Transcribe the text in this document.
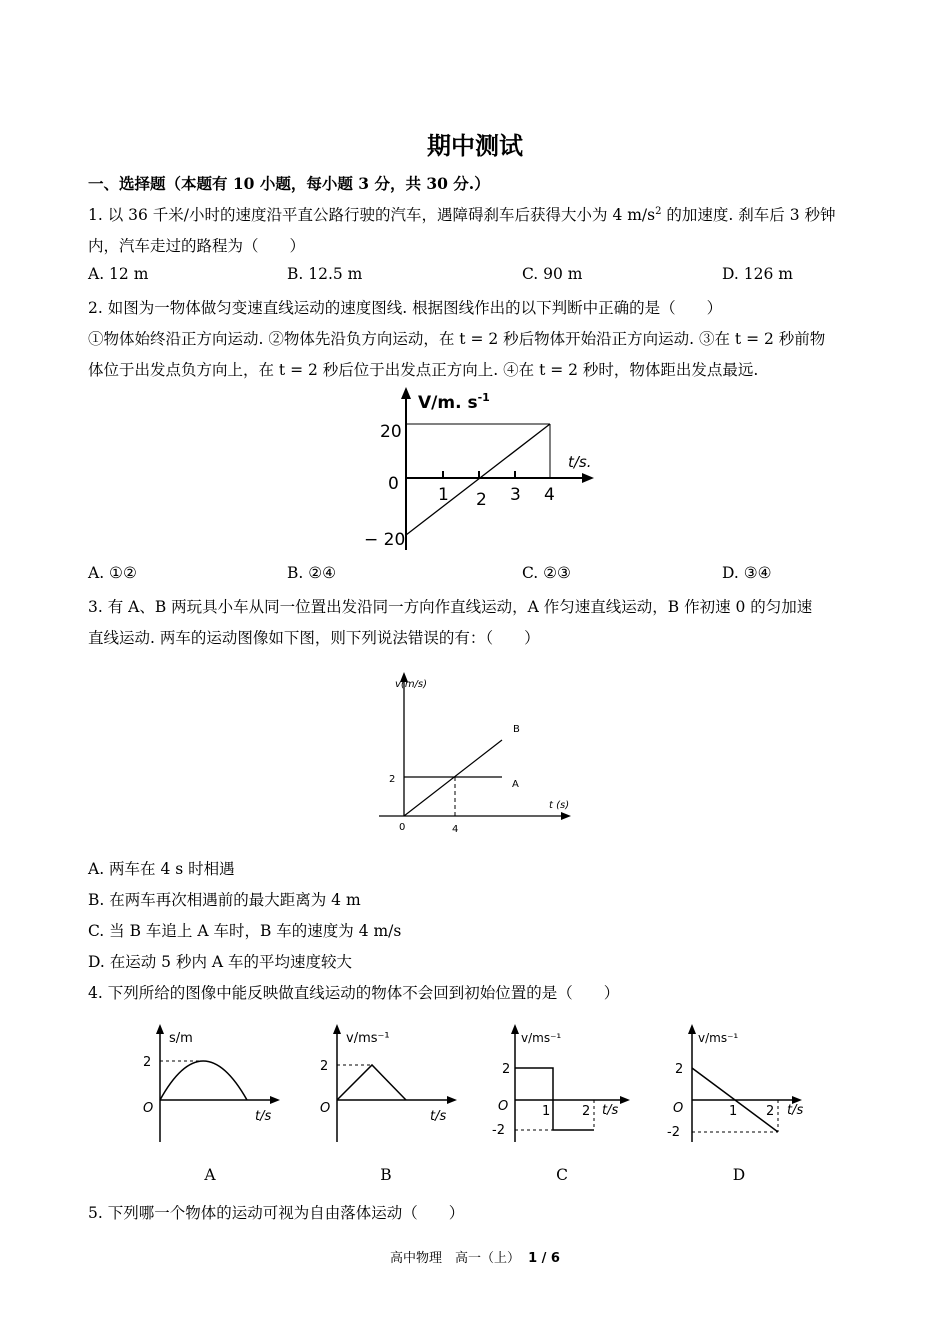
期中测试
一、选择题（本题有 10 小题，每小题 3 分，共 30 分.）
1. 以 36 千米/小时的速度沿平直公路行驶的汽车，遇障碍刹车后获得大小为 4 $m/s^2$ 的加速度. 刹车后 3 秒钟
内，汽车走过的路程为（　　）
A. 12 m	B. 12.5 m	C. 90 m	D. 126 m
2. 如图为一物体做匀变速直线运动的速度图线. 根据图线作出的以下判断中正确的是（　　）
①物体始终沿正方向运动. ②物体先沿负方向运动，在 t = 2 秒后物体开始沿正方向运动. ③在 t = 2 秒前物
体位于出发点负方向上，在 t = 2 秒后位于出发点正方向上. ④在 t = 2 秒时，物体距出发点最远.
V/m. $s^{-1}$
t/s.
20
0
− 20
1 2 3 4
A. ①②	B. ②④	C. ②③	D. ③④
3. 有 A、B 两玩具小车从同一位置出发沿同一方向作直线运动，A 作匀速直线运动，B 作初速 0 的匀加速
直线运动. 两车的运动图像如下图，则下列说法错误的有：（　　）
v(m/s)
t (s)
B
A
2
0	4
A. 两车在 4 s 时相遇
B. 在两车再次相遇前的最大距离为 4 m
C. 当 B 车追上 A 车时，B 车的速度为 4 m/s
D. 在运动 5 秒内 A 车的平均速度较大
4. 下列所给的图像中能反映做直线运动的物体不会回到初始位置的是（　　）
s/m
t/s
2
O
v/ms⁻¹
t/s
2
O
v/ms⁻¹
t/s
2
-2
1 2
O
v/ms⁻¹
t/s
2
-2
1 2
O
A	B	C	D
5. 下列哪一个物体的运动可视为自由落体运动（　　）
高中物理　高一（上） 1 / 6
